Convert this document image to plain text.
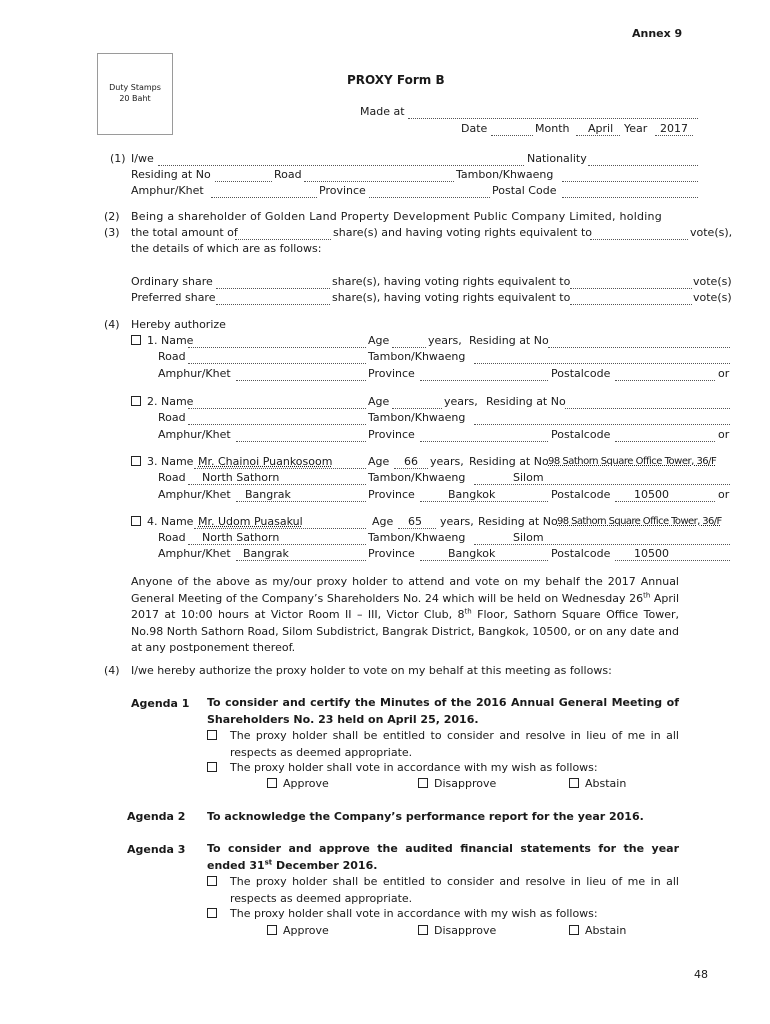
Annex 9
Duty Stamps
20 Baht
PROXY Form B
Made at
Date	Month April Year 2017
(1) I/we	Nationality
Residing at No	Road	Tambon/Khwaeng
Amphur/Khet	Province	Postal Code
(2) Being a shareholder of Golden Land Property Development Public Company Limited, holding
(3) the total amount of	share(s) and having voting rights equivalent to	vote(s),
the details of which are as follows:
Ordinary share	share(s), having voting rights equivalent to	vote(s)
Preferred share	share(s), having voting rights equivalent to	vote(s)
(4) Hereby authorize
1. Name	Age	years, Residing at No
Road	Tambon/Khwaeng
Amphur/Khet	Province	Postalcode	or
2. Name	Age	years, Residing at No
Road	Tambon/Khwaeng
Amphur/Khet	Province	Postalcode	or
3. Name Mr. Chainoi Puankosoom	Age 66 years, Residing at No 98 Sathorn Square Office Tower, 36/F
Road North Sathorn	Tambon/Khwaeng	Silom
Amphur/Khet Bangrak	Province	Bangkok	Postalcode 10500	or
4. Name Mr. Udom Puasakul	Age 65 years, Residing at No 98 Sathorn Square Office Tower, 36/F
Road North Sathorn	Tambon/Khwaeng	Silom
Amphur/Khet Bangrak	Province	Bangkok	Postalcode 10500
Anyone of the above as my/our proxy holder to attend and vote on my behalf the 2017 Annual General Meeting of the Company’s Shareholders No. 24 which will be held on Wednesday 26th April 2017 at 10:00 hours at Victor Room II – III, Victor Club, 8th Floor, Sathorn Square Office Tower, No.98 North Sathorn Road, Silom Subdistrict, Bangrak District, Bangkok, 10500, or on any date and at any postponement thereof.
(4) I/we hereby authorize the proxy holder to vote on my behalf at this meeting as follows:
Agenda 1 To consider and certify the Minutes of the 2016 Annual General Meeting of Shareholders No. 23 held on April 25, 2016.
The proxy holder shall be entitled to consider and resolve in lieu of me in all respects as deemed appropriate.
The proxy holder shall vote in accordance with my wish as follows:
Approve	Disapprove	Abstain
Agenda 2 To acknowledge the Company’s performance report for the year 2016.
Agenda 3 To consider and approve the audited financial statements for the year ended 31st December 2016.
The proxy holder shall be entitled to consider and resolve in lieu of me in all respects as deemed appropriate.
The proxy holder shall vote in accordance with my wish as follows:
Approve	Disapprove	Abstain
48
